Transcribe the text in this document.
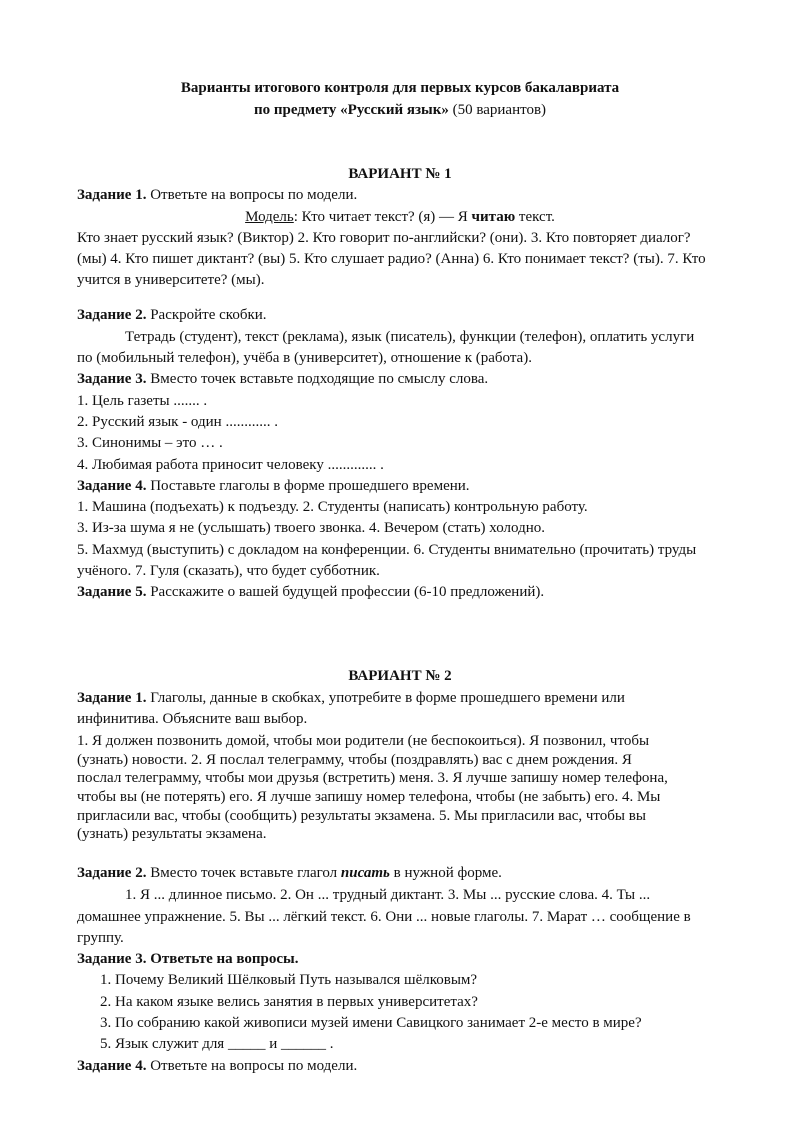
Варианты итогового контроля для первых курсов бакалавриата
по предмету «Русский язык» (50 вариантов)
ВАРИАНТ № 1
Задание 1. Ответьте на вопросы по модели.
Модель: Кто читает текст? (я) — Я читаю текст.
Кто знает русский язык? (Виктор) 2. Кто говорит по-английски? (они). 3. Кто повторяет диалог?
(мы) 4. Кто пишет диктант? (вы) 5. Кто слушает радио? (Анна) 6. Кто понимает текст? (ты). 7. Кто
учится в университете? (мы).
Задание 2. Раскройте скобки.
Тетрадь (студент), текст (реклама), язык (писатель), функции (телефон), оплатить услуги
по (мобильный телефон), учёба в (университет), отношение к (работа).
Задание 3. Вместо точек вставьте подходящие по смыслу слова.
1. Цель газеты ....... .
2. Русский язык - один ............ .
3. Синонимы – это … .
4. Любимая работа приносит человеку ............. .
Задание 4. Поставьте глаголы в форме прошедшего времени.
1. Машина (подъехать) к подъезду. 2. Студенты (написать) контрольную работу.
3. Из-за шума я не (услышать) твоего звонка. 4. Вечером (стать) холодно.
5. Махмуд (выступить) с докладом на конференции. 6. Студенты внимательно (прочитать) труды
учёного. 7. Гуля (сказать), что будет субботник.
Задание 5. Расскажите о вашей будущей профессии (6-10 предложений).
ВАРИАНТ № 2
Задание 1. Глаголы, данные в скобках, употребите в форме прошедшего времени или
инфинитива. Объясните ваш выбор.
1. Я должен позвонить домой, чтобы мои родители (не беспокоиться). Я позвонил, чтобы
(узнать) новости. 2. Я послал телеграмму, чтобы (поздравлять) вас с днем рождения. Я
послал телеграмму, чтобы мои друзья (встретить) меня. 3. Я лучше запишу номер телефона,
чтобы вы (не потерять) его. Я лучше запишу номер телефона, чтобы (не забыть) его. 4. Мы
пригласили вас, чтобы (сообщить) результаты экзамена. 5. Мы пригласили вас, чтобы вы
(узнать) результаты экзамена.
Задание 2. Вместо точек вставьте глагол писать в нужной форме.
1. Я ... длинное письмо. 2. Он ... трудный диктант. 3. Мы ... русские слова. 4. Ты ...
домашнее упражнение. 5. Вы ... лёгкий текст. 6. Они ... новые глаголы. 7. Марат … сообщение в
группу.
Задание 3. Ответьте на вопросы.
1. Почему Великий Шёлковый Путь назывался шёлковым?
2. На каком языке велись занятия в первых университетах?
3. По собранию какой живописи музей имени Савицкого занимает 2-е место в мире?
5. Язык служит для _____ и ______ .
Задание 4. Ответьте на вопросы по модели.
